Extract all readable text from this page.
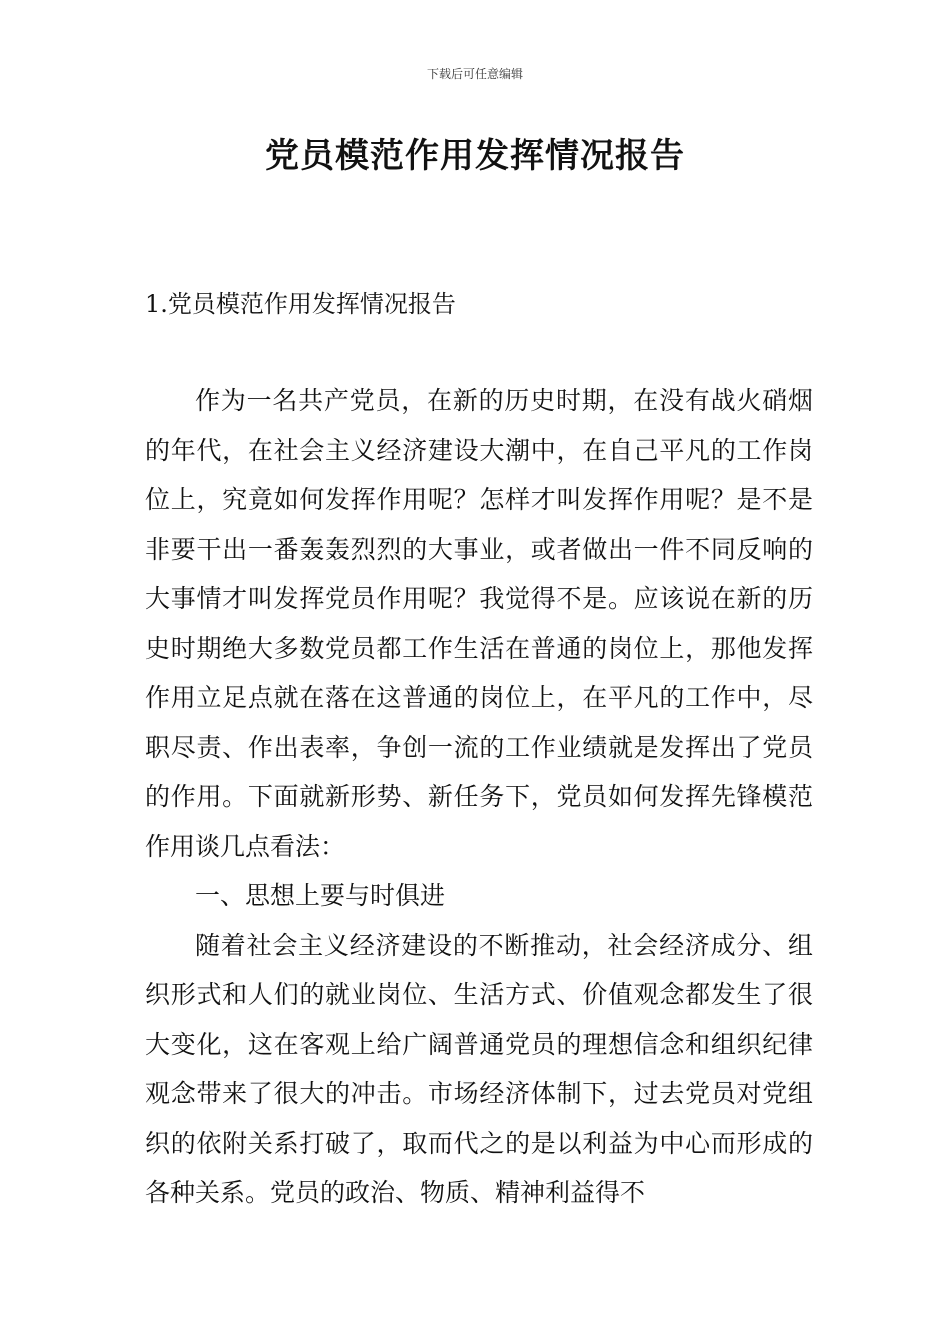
下载后可任意编辑
党员模范作用发挥情况报告
1.党员模范作用发挥情况报告

作为一名共产党员，在新的历史时期，在没有战火硝烟的年代，在社会主义经济建设大潮中，在自己平凡的工作岗位上，究竟如何发挥作用呢？怎样才叫发挥作用呢？是不是非要干出一番轰轰烈烈的大事业，或者做出一件不同反响的大事情才叫发挥党员作用呢？我觉得不是。应该说在新的历史时期绝大多数党员都工作生活在普通的岗位上，那他发挥作用立足点就在落在这普通的岗位上，在平凡的工作中，尽职尽责、作出表率，争创一流的工作业绩就是发挥出了党员的作用。下面就新形势、新任务下，党员如何发挥先锋模范作用谈几点看法：

一、思想上要与时俱进

随着社会主义经济建设的不断推动，社会经济成分、组织形式和人们的就业岗位、生活方式、价值观念都发生了很大变化，这在客观上给广阔普通党员的理想信念和组织纪律观念带来了很大的冲击。市场经济体制下，过去党员对党组织的依附关系打破了，取而代之的是以利益为中心而形成的各种关系。党员的政治、物质、精神利益得不
